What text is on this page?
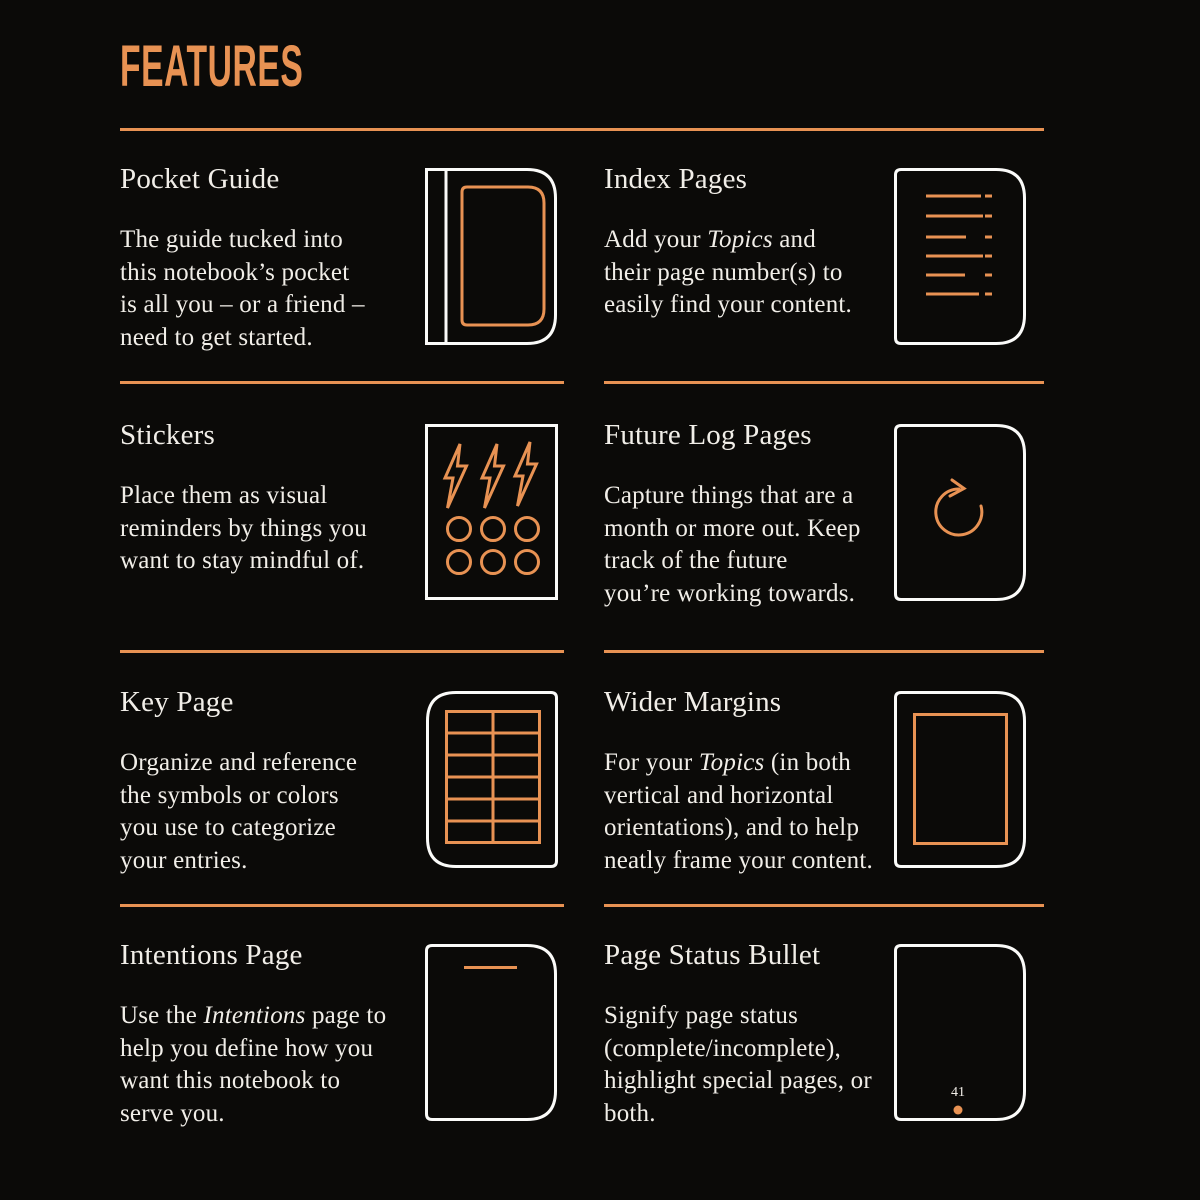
FEATURES
Pocket Guide

The guide tucked into
this notebook’s pocket
is all you – or a friend –
need to get started.

Index Pages

Add your Topics and
their page number(s) to
easily find your content.

Stickers

Place them as visual
reminders by things you
want to stay mindful of.

Future Log Pages

Capture things that are a
month or more out. Keep
track of the future
you’re working towards.

Key Page

Organize and reference
the symbols or colors
you use to categorize
your entries.

Wider Margins

For your Topics (in both
vertical and horizontal
orientations), and to help
neatly frame your content.

Intentions Page

Use the Intentions page to
help you define how you
want this notebook to
serve you.

Page Status Bullet

Signify page status
(complete/incomplete),
highlight special pages, or
both.

41
